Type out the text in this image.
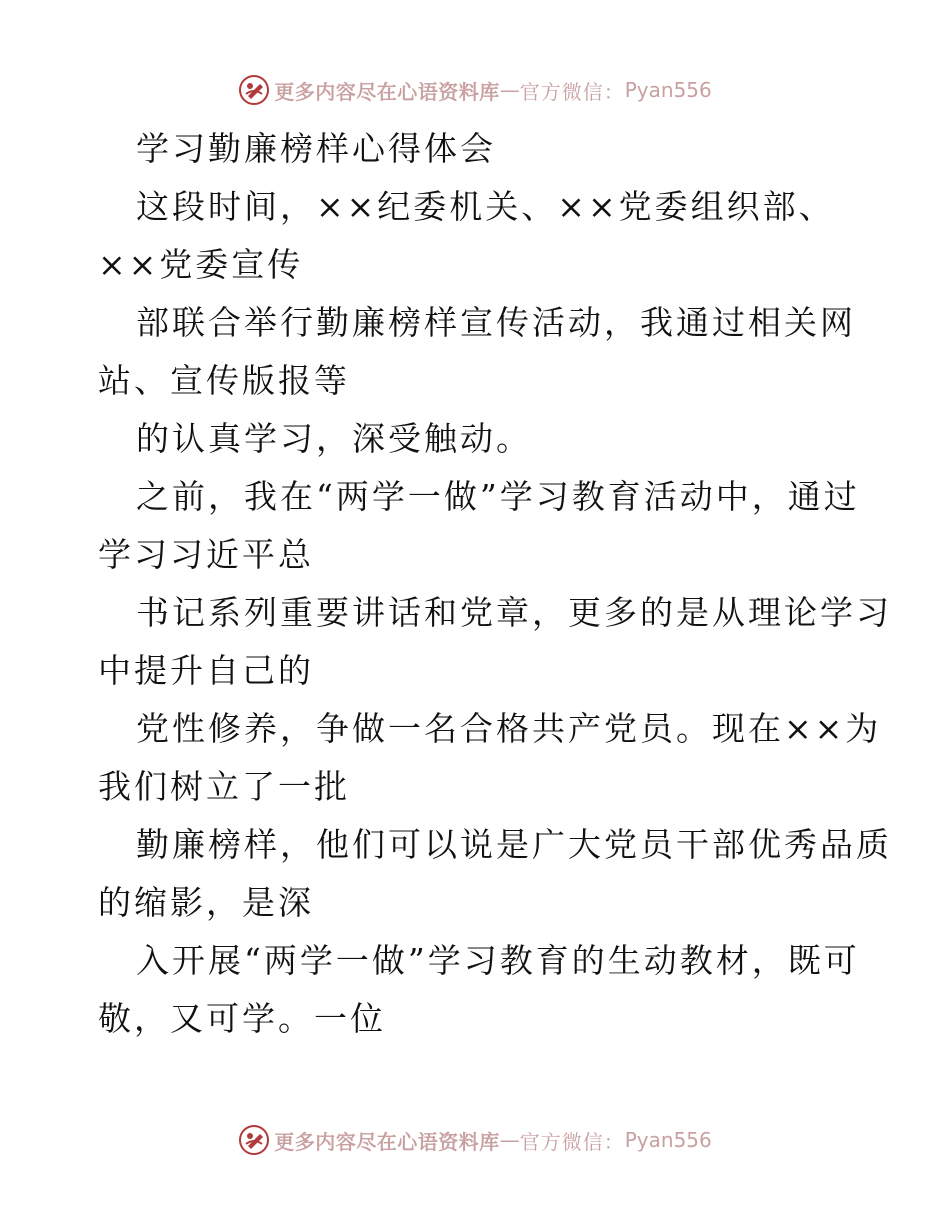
更多内容尽在心语资料库 — 官方微信： Pyan556
学习勤廉榜样心得体会
这段时间，××纪委机关、××党委组织部、
××党委宣传
部联合举行勤廉榜样宣传活动，我通过相关网
站、宣传版报等
的认真学习，深受触动。
之前，我在“两学一做”学习教育活动中，通过
学习习近平总
书记系列重要讲话和党章，更多的是从理论学习
中提升自己的
党性修养，争做一名合格共产党员。现在××为
我们树立了一批
勤廉榜样，他们可以说是广大党员干部优秀品质
的缩影，是深
入开展“两学一做”学习教育的生动教材，既可
敬，又可学。一位
更多内容尽在心语资料库 — 官方微信： Pyan556
